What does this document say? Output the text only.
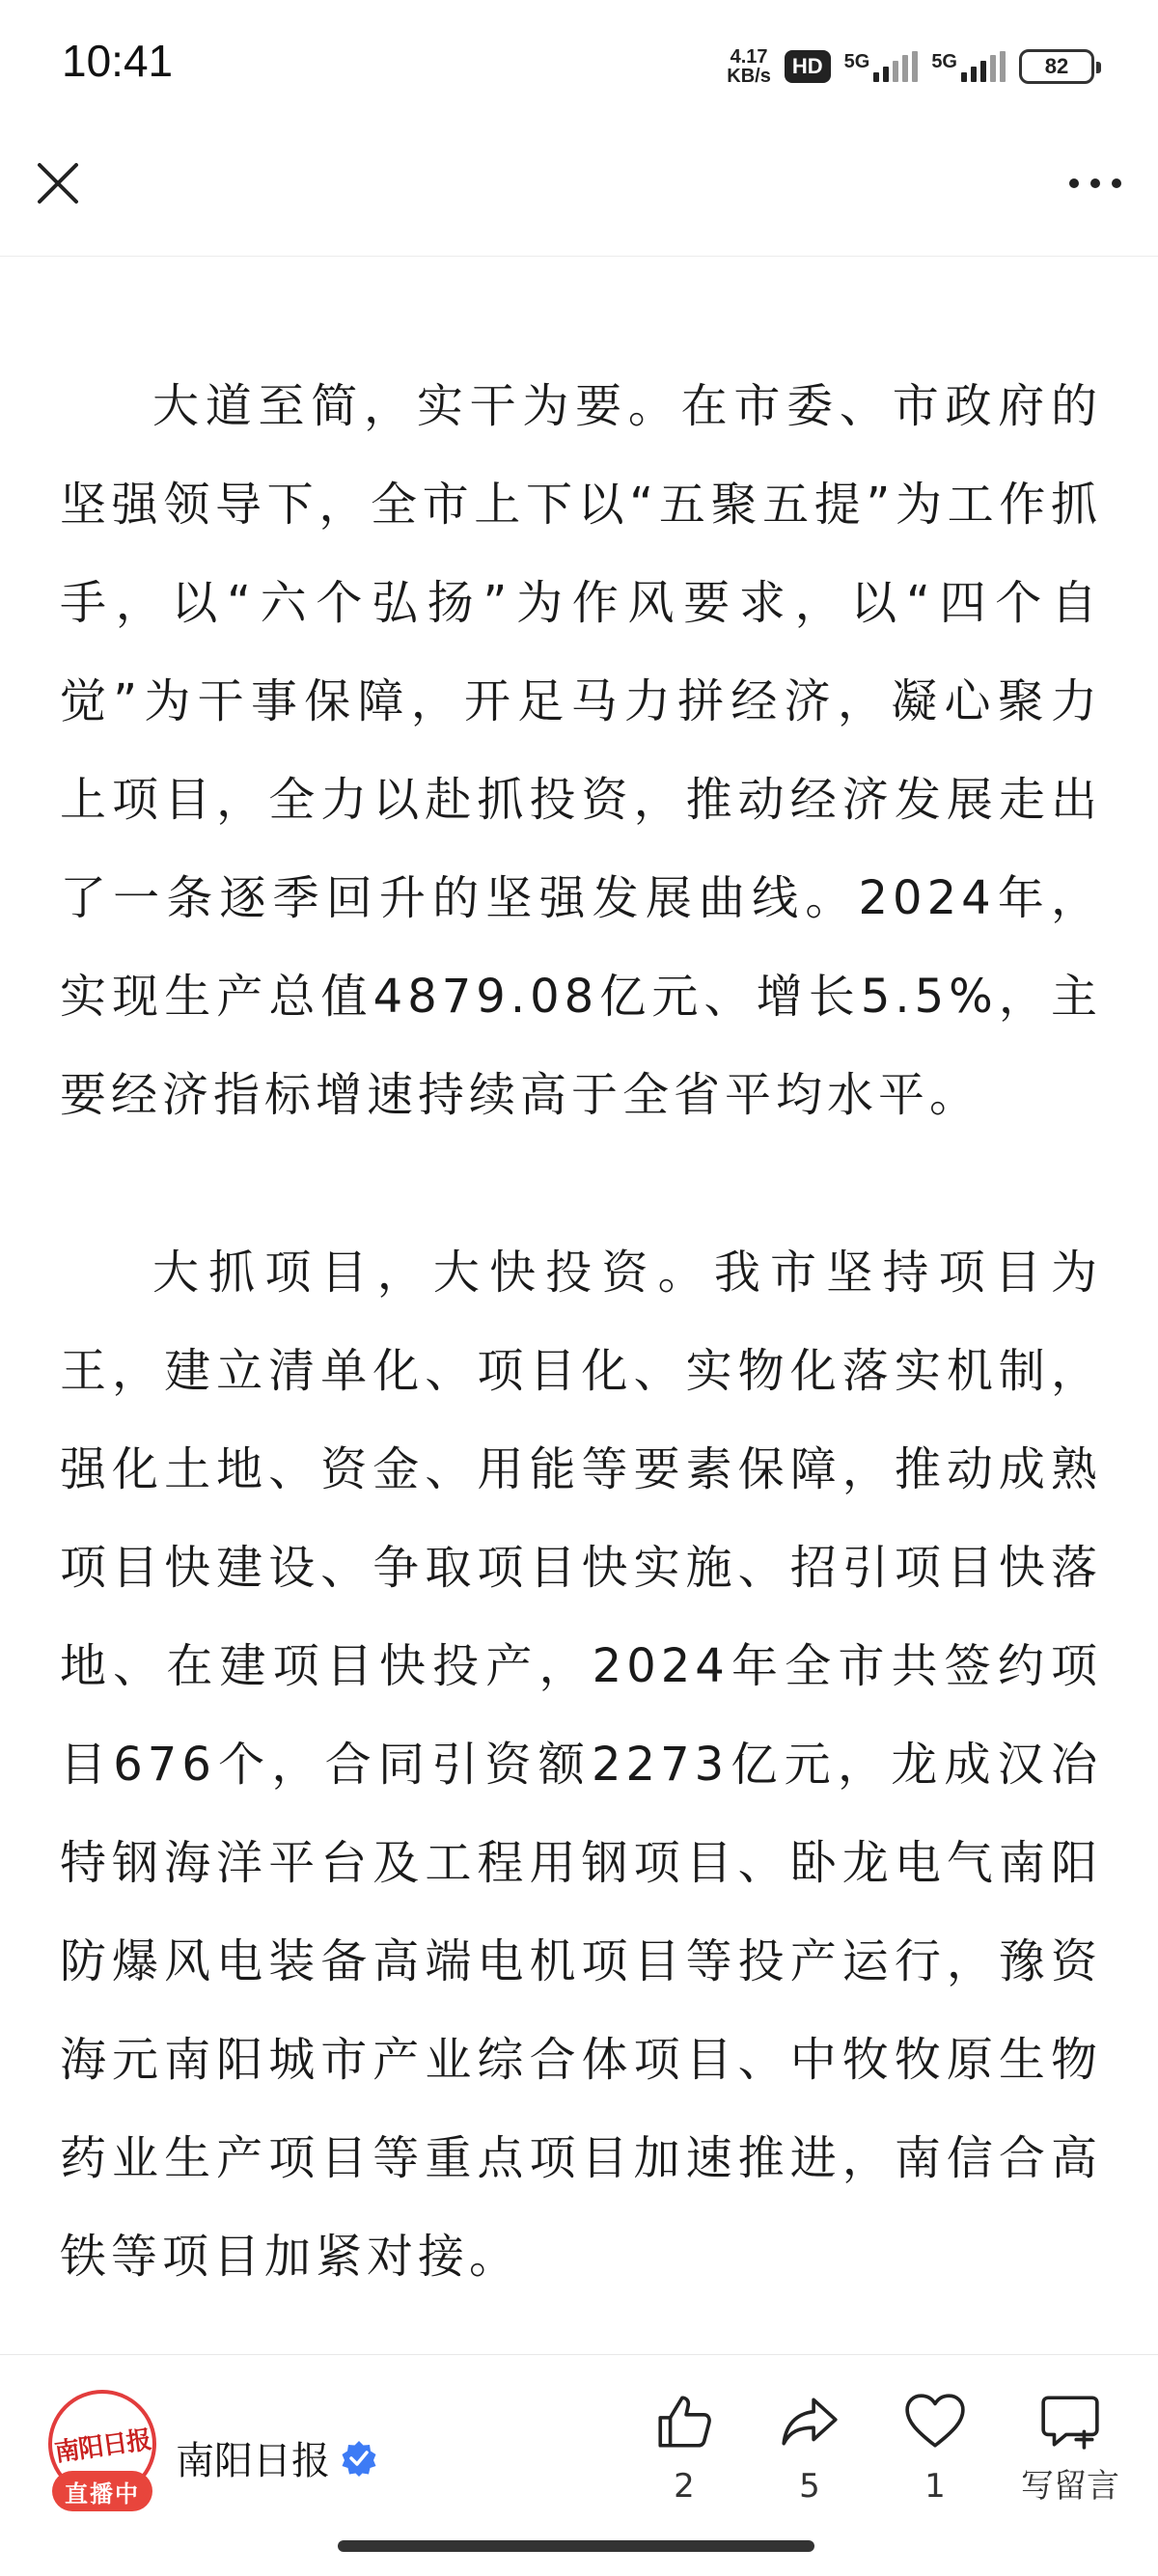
10:41	4.17
KB/s	HD	5G	5G	82

大道至简，实干为要。在市委、市政府的坚强领导下，全市上下以“五聚五提”为工作抓手，以“六个弘扬”为作风要求，以“四个自觉”为干事保障，开足马力拼经济，凝心聚力上项目，全力以赴抓投资，推动经济发展走出了一条逐季回升的坚强发展曲线。2024年，实现生产总值4879.08亿元、增长5.5%，主要经济指标增速持续高于全省平均水平。

大抓项目，大快投资。我市坚持项目为王，建立清单化、项目化、实物化落实机制，强化土地、资金、用能等要素保障，推动成熟项目快建设、争取项目快实施、招引项目快落地、在建项目快投产，2024年全市共签约项目676个，合同引资额2273亿元，龙成汉冶特钢海洋平台及工程用钢项目、卧龙电气南阳防爆风电装备高端电机项目等投产运行，豫资海元南阳城市产业综合体项目、中牧牧原生物药业生产项目等重点项目加速推进，南信合高铁等项目加紧对接。

南阳日报
直播中
南阳日报
2	5	1 写留言
